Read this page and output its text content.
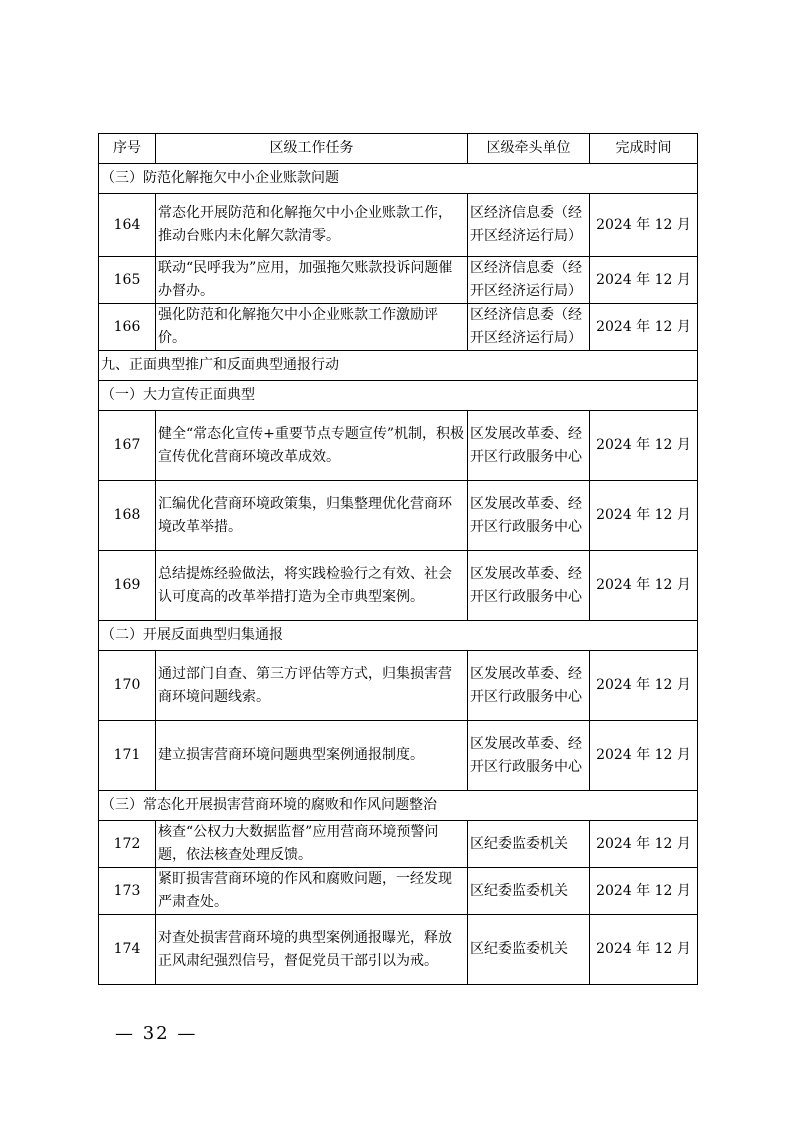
序号	区级工作任务	区级牵头单位	完成时间
（三）防范化解拖欠中小企业账款问题			
164	常态化开展防范和化解拖欠中小企业账款工作，推动台账内未化解欠款清零。	区经济信息委（经开区经济运行局）	2024 年 12 月
165	联动“民呼我为”应用，加强拖欠账款投诉问题催办督办。	区经济信息委（经开区经济运行局）	2024 年 12 月
166	强化防范和化解拖欠中小企业账款工作激励评价。	区经济信息委（经开区经济运行局）	2024 年 12 月
九、正面典型推广和反面典型通报行动			
（一）大力宣传正面典型			
167	健全“常态化宣传+重要节点专题宣传”机制，积极宣传优化营商环境改革成效。	区发展改革委、经开区行政服务中心	2024 年 12 月
168	汇编优化营商环境政策集，归集整理优化营商环境改革举措。	区发展改革委、经开区行政服务中心	2024 年 12 月
169	总结提炼经验做法，将实践检验行之有效、社会认可度高的改革举措打造为全市典型案例。	区发展改革委、经开区行政服务中心	2024 年 12 月
（二）开展反面典型归集通报			
170	通过部门自查、第三方评估等方式，归集损害营商环境问题线索。	区发展改革委、经开区行政服务中心	2024 年 12 月
171	建立损害营商环境问题典型案例通报制度。	区发展改革委、经开区行政服务中心	2024 年 12 月
（三）常态化开展损害营商环境的腐败和作风问题整治			
172	核查“公权力大数据监督”应用营商环境预警问题，依法核查处理反馈。	区纪委监委机关	2024 年 12 月
173	紧盯损害营商环境的作风和腐败问题，一经发现严肃查处。	区纪委监委机关	2024 年 12 月
174	对查处损害营商环境的典型案例通报曝光，释放正风肃纪强烈信号，督促党员干部引以为戒。	区纪委监委机关	2024 年 12 月
— 32 —
